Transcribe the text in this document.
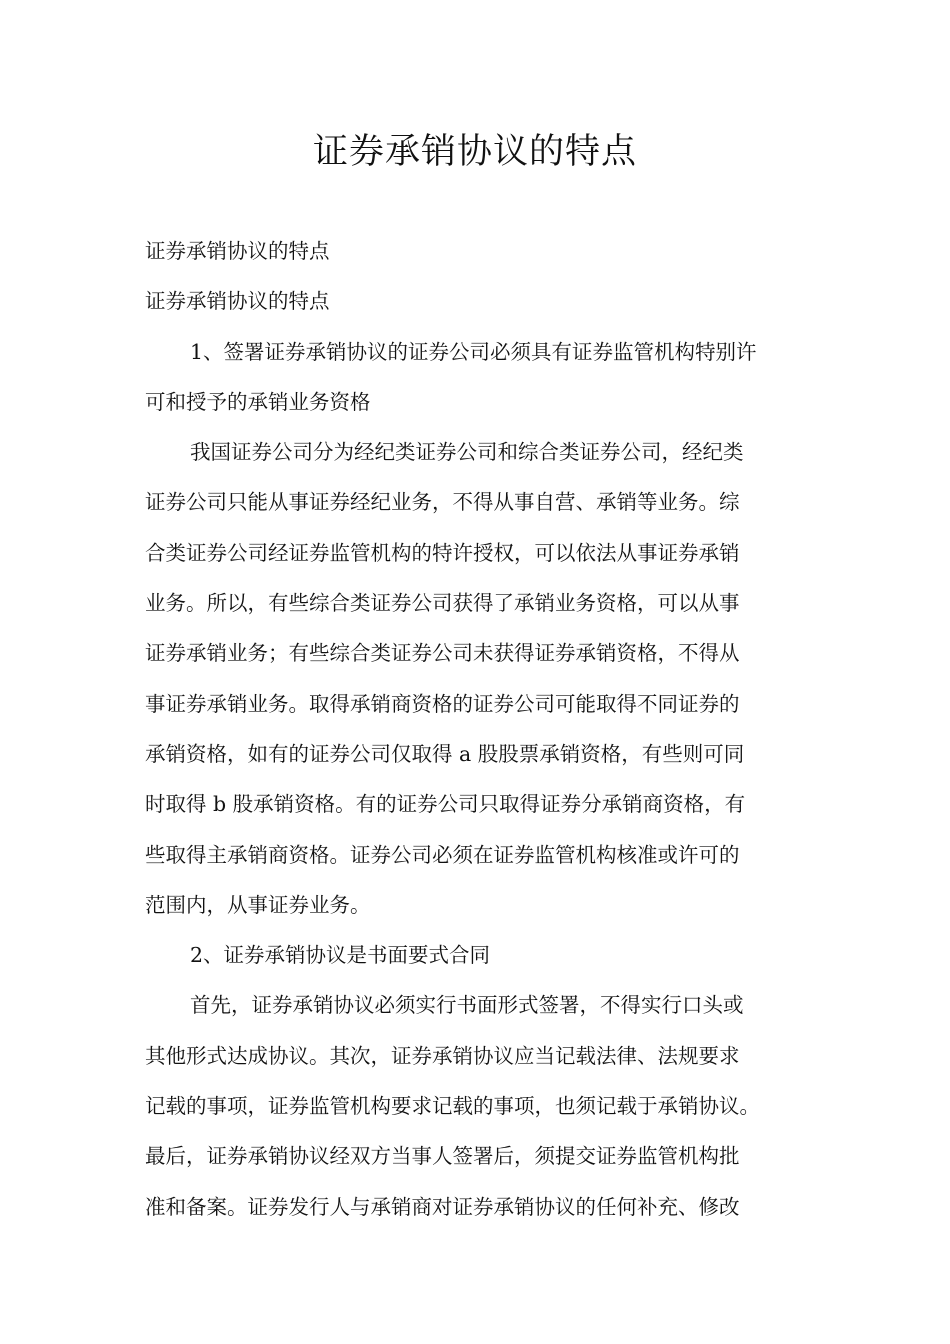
证券承销协议的特点
证券承销协议的特点
证券承销协议的特点
1、签署证券承销协议的证券公司必须具有证券监管机构特别许
可和授予的承销业务资格
我国证券公司分为经纪类证券公司和综合类证券公司，经纪类
证券公司只能从事证券经纪业务，不得从事自营、承销等业务。综
合类证券公司经证券监管机构的特许授权，可以依法从事证券承销
业务。所以，有些综合类证券公司获得了承销业务资格，可以从事
证券承销业务；有些综合类证券公司未获得证券承销资格，不得从
事证券承销业务。取得承销商资格的证券公司可能取得不同证券的
承销资格，如有的证券公司仅取得 a 股股票承销资格，有些则可同
时取得 b 股承销资格。有的证券公司只取得证券分承销商资格，有
些取得主承销商资格。证券公司必须在证券监管机构核准或许可的
范围内，从事证券业务。
2、证券承销协议是书面要式合同
首先，证券承销协议必须实行书面形式签署，不得实行口头或
其他形式达成协议。其次，证券承销协议应当记载法律、法规要求
记载的事项，证券监管机构要求记载的事项，也须记载于承销协议。
最后，证券承销协议经双方当事人签署后，须提交证券监管机构批
准和备案。证券发行人与承销商对证券承销协议的任何补充、修改
